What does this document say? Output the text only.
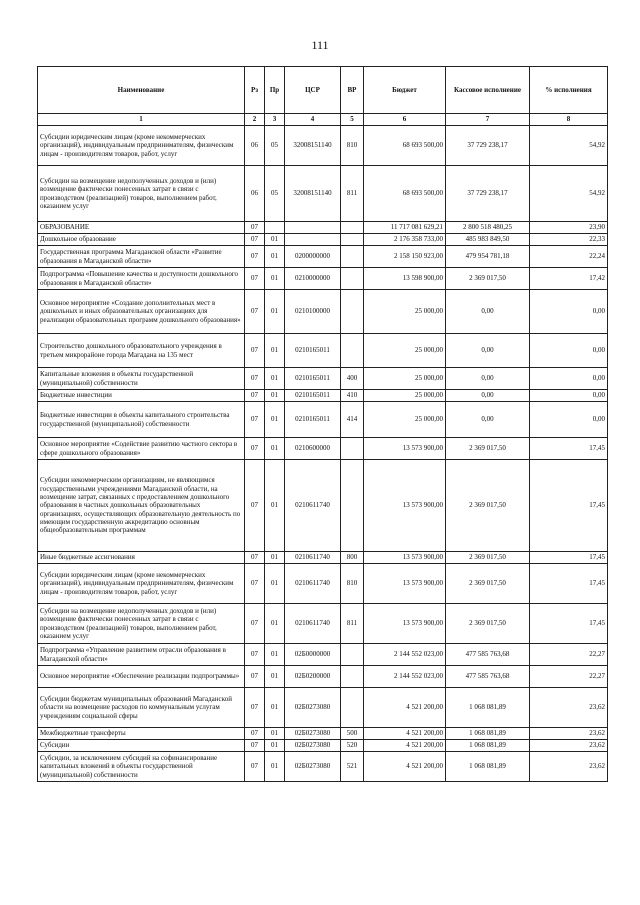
111
Наименование	Рз	Пр	ЦСР	ВР	Бюджет	Кассовое исполнение	% исполнения
1	2	3	4	5	6	7	8
Субсидии юридическим лицам (кроме некоммерческих организаций), индивидуальным предпринимателям, физическим лицам - производителям товаров, работ, услуг	06	05	32008151140	810	68 693 500,00	37 729 238,17	54,92
Субсидии на возмещение недополученных доходов и (или) возмещение фактически понесенных затрат в связи с производством (реализацией) товаров, выполнением работ, оказанием услуг	06	05	32008151140	811	68 693 500,00	37 729 238,17	54,92
ОБРАЗОВАНИЕ	07				11 717 081 629,21	2 800 518 480,25	23,90
Дошкольное образование	07	01			2 176 358 733,00	485 983 849,50	22,33
Государственная программа Магаданской области «Развитие образования в Магаданской области»	07	01	0200000000		2 158 150 923,00	479 954 781,18	22,24
Подпрограмма «Повышение качества и доступности дошкольного образования в Магаданской области»	07	01	0210000000		13 598 900,00	2 369 017,50	17,42
Основное мероприятие «Создание дополнительных мест в дошкольных и иных образовательных организациях для реализации образовательных программ дошкольного образования»	07	01	0210100000		25 000,00	0,00	0,00
Строительство дошкольного образовательного учреждения в третьем микрорайоне города Магадана на 135 мест	07	01	0210165011		25 000,00	0,00	0,00
Капитальные вложения в объекты государственной (муниципальной) собственности	07	01	0210165011	400	25 000,00	0,00	0,00
Бюджетные инвестиции	07	01	0210165011	410	25 000,00	0,00	0,00
Бюджетные инвестиции в объекты капитального строительства государственной (муниципальной) собственности	07	01	0210165011	414	25 000,00	0,00	0,00
Основное мероприятие «Содействие развитию частного сектора в сфере дошкольного образования»	07	01	0210600000		13 573 900,00	2 369 017,50	17,45
Субсидии некоммерческим организациям, не являющимся государственными учреждениями Магаданской области, на возмещение затрат, связанных с предоставлением дошкольного образования в частных дошкольных образовательных организациях, осуществляющих образовательную деятельность по имеющим государственную аккредитацию основным общеобразовательным программам	07	01	0210611740		13 573 900,00	2 369 017,50	17,45
Иные бюджетные ассигнования	07	01	0210611740	800	13 573 900,00	2 369 017,50	17,45
Субсидии юридическим лицам (кроме некоммерческих организаций), индивидуальным предпринимателям, физическим лицам - производителям товаров, работ, услуг	07	01	0210611740	810	13 573 900,00	2 369 017,50	17,45
Субсидии на возмещение недополученных доходов и (или) возмещение фактически понесенных затрат в связи с производством (реализацией) товаров, выполнением работ, оказанием услуг	07	01	0210611740	811	13 573 900,00	2 369 017,50	17,45
Подпрограмма «Управление развитием отрасли образования в Магаданской области»	07	01	02Б0000000		2 144 552 023,00	477 585 763,68	22,27
Основное мероприятие «Обеспечение реализации подпрограммы»	07	01	02Б0200000		2 144 552 023,00	477 585 763,68	22,27
Субсидии бюджетам муниципальных образований Магаданской области на возмещение расходов по коммунальным услугам учреждениям социальной сферы	07	01	02Б0273080		4 521 200,00	1 068 081,89	23,62
Межбюджетные трансферты	07	01	02Б0273080	500	4 521 200,00	1 068 081,89	23,62
Субсидии	07	01	02Б0273080	520	4 521 200,00	1 068 081,89	23,62
Субсидии, за исключением субсидий на софинансирование капитальных вложений в объекты государственной (муниципальной) собственности	07	01	02Б0273080	521	4 521 200,00	1 068 081,89	23,62
